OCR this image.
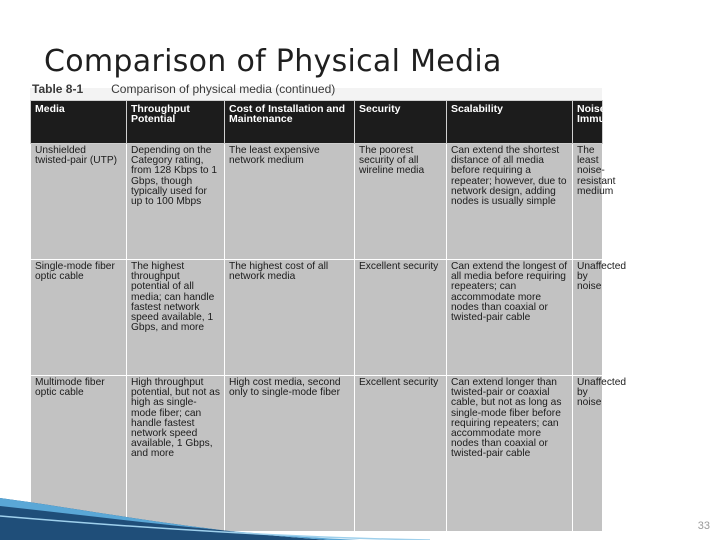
Comparison of Physical Media
Table 8-1 Comparison of physical media (continued)
Media	Throughput Potential	Cost of Installation and Maintenance	Security	Scalability	Noise Immunity
Unshielded twisted-pair (UTP)	Depending on the Category rating, from 128 Kbps to 1 Gbps, though typically used for up to 100 Mbps	The least expensive network medium	The poorest security of all wireline media	Can extend the shortest distance of all media before requiring a repeater; however, due to network design, adding nodes is usually simple	The least noise-resistant medium
Single-mode fiber optic cable	The highest throughput potential of all media; can handle fastest network speed available, 1 Gbps, and more	The highest cost of all network media	Excellent security	Can extend the longest of all media before requiring repeaters; can accommodate more nodes than coaxial or twisted-pair cable	Unaffected by noise
Multimode fiber optic cable	High throughput potential, but not as high as single-mode fiber; can handle fastest network speed available, 1 Gbps, and more	High cost media, second only to single-mode fiber	Excellent security	Can extend longer than twisted-pair or coaxial cable, but not as long as single-mode fiber before requiring repeaters; can accommodate more nodes than coaxial or twisted-pair cable	Unaffected by noise
33
